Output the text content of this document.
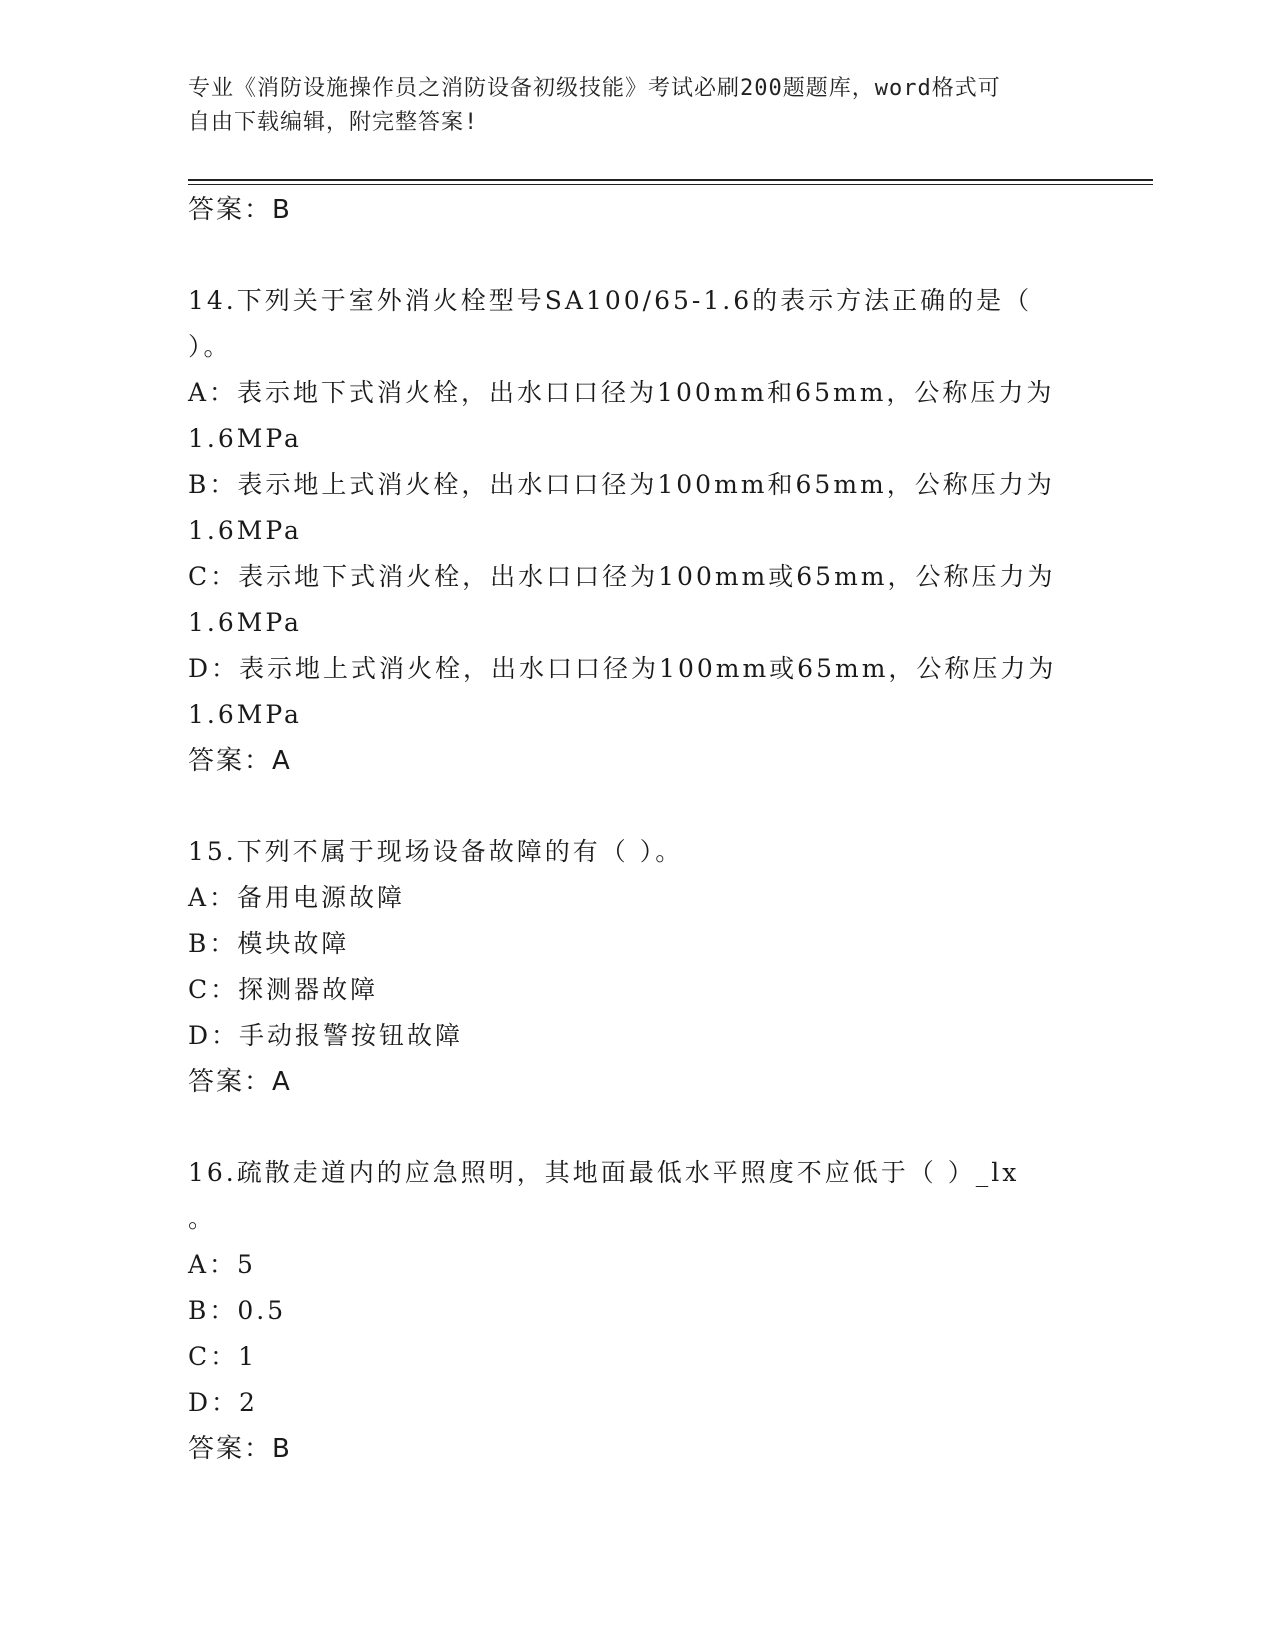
专业《消防设施操作员之消防设备初级技能》考试必刷200题题库，word格式可
自由下载编辑，附完整答案!
答案：B
14.下列关于室外消火栓型号SA100/65-1.6的表示方法正确的是（
）。
A：表示地下式消火栓，出水口口径为100mm和65mm，公称压力为
1.6MPa
B：表示地上式消火栓，出水口口径为100mm和65mm，公称压力为
1.6MPa
C：表示地下式消火栓，出水口口径为100mm或65mm，公称压力为
1.6MPa
D：表示地上式消火栓，出水口口径为100mm或65mm，公称压力为
1.6MPa
答案：A
15.下列不属于现场设备故障的有（ ）。
A：备用电源故障
B：模块故障
C：探测器故障
D：手动报警按钮故障
答案：A
16.疏散走道内的应急照明，其地面最低水平照度不应低于（ ）_lx
。
A：5
B：0.5
C：1
D：2
答案：B
